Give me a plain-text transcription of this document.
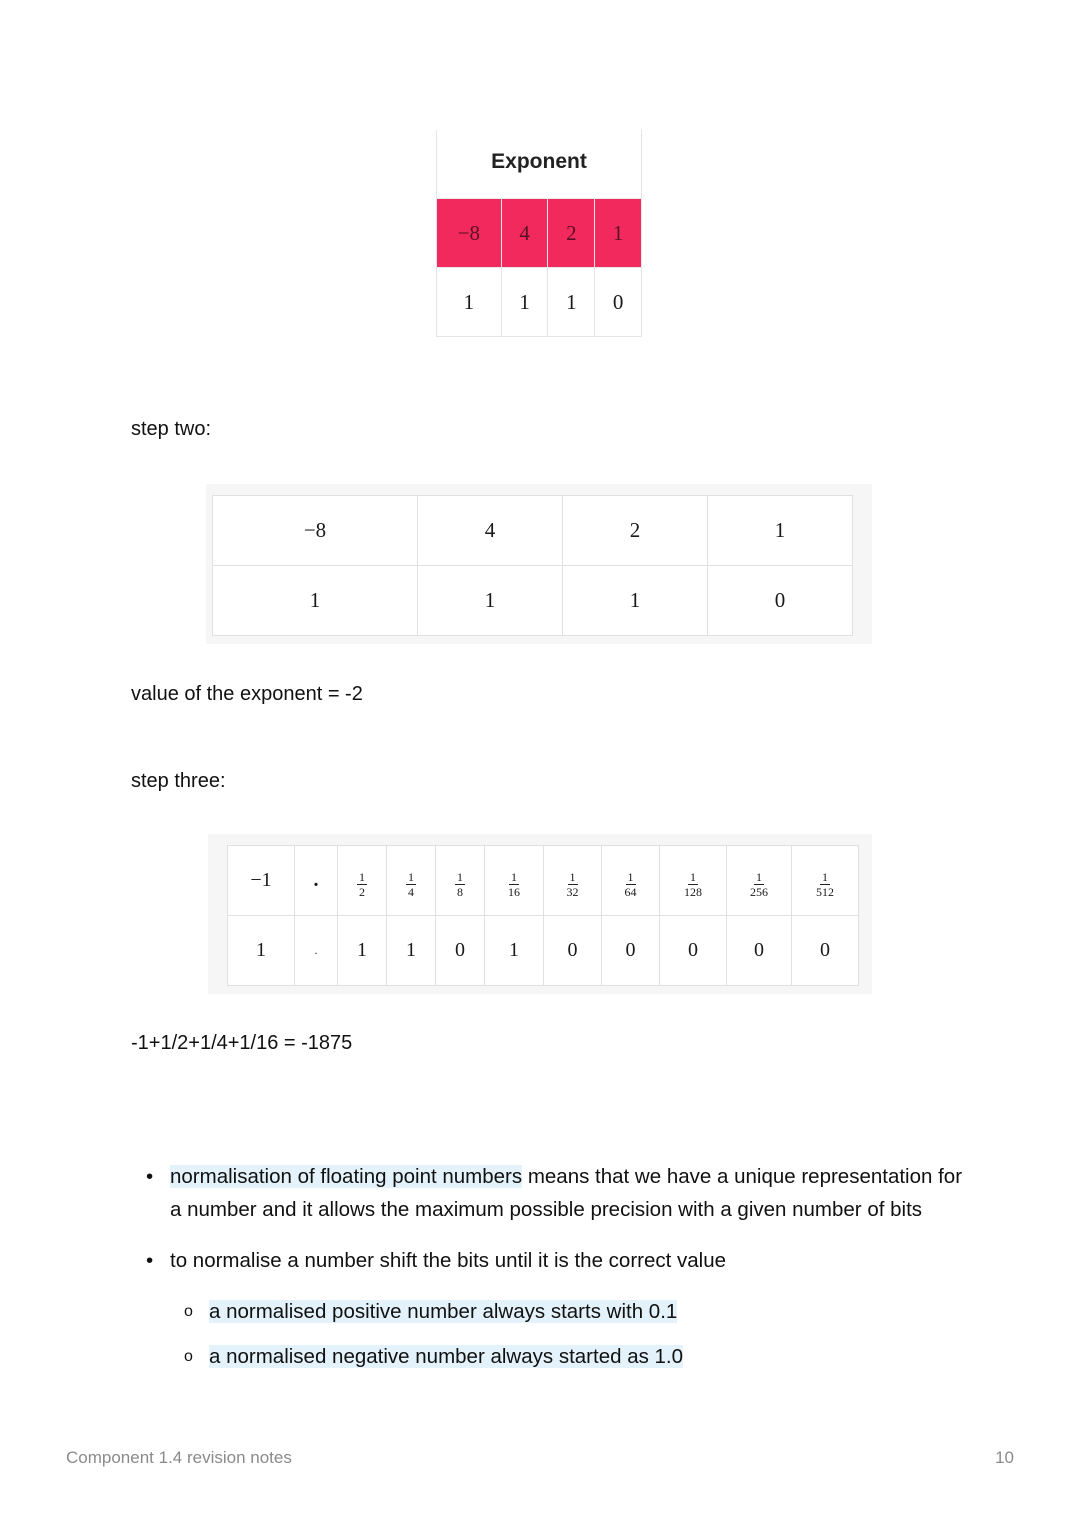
Exponent
−8	4	2	1
1	1	1	0
step two:
−8	4	2	1
1	1	1	0
value of the exponent = -2
step three:
−1	.	$\frac{1}{2}$	$\frac{1}{4}$	$\frac{1}{8}$	$\frac{1}{16}$	$\frac{1}{32}$	$\frac{1}{64}$	$\frac{1}{128}$	$\frac{1}{256}$	$\frac{1}{512}$

1	.	1	1	0	1	0	0	0	0	0
-1+1/2+1/4+1/16 = -1875
• normalisation of floating point numbers means that we have a unique representation for a number and it allows the maximum possible precision with a given number of bits
• to normalise a number shift the bits until it is the correct value
o a normalised positive number always starts with 0.1
o a normalised negative number always started as 1.0
Component 1.4 revision notes	10
